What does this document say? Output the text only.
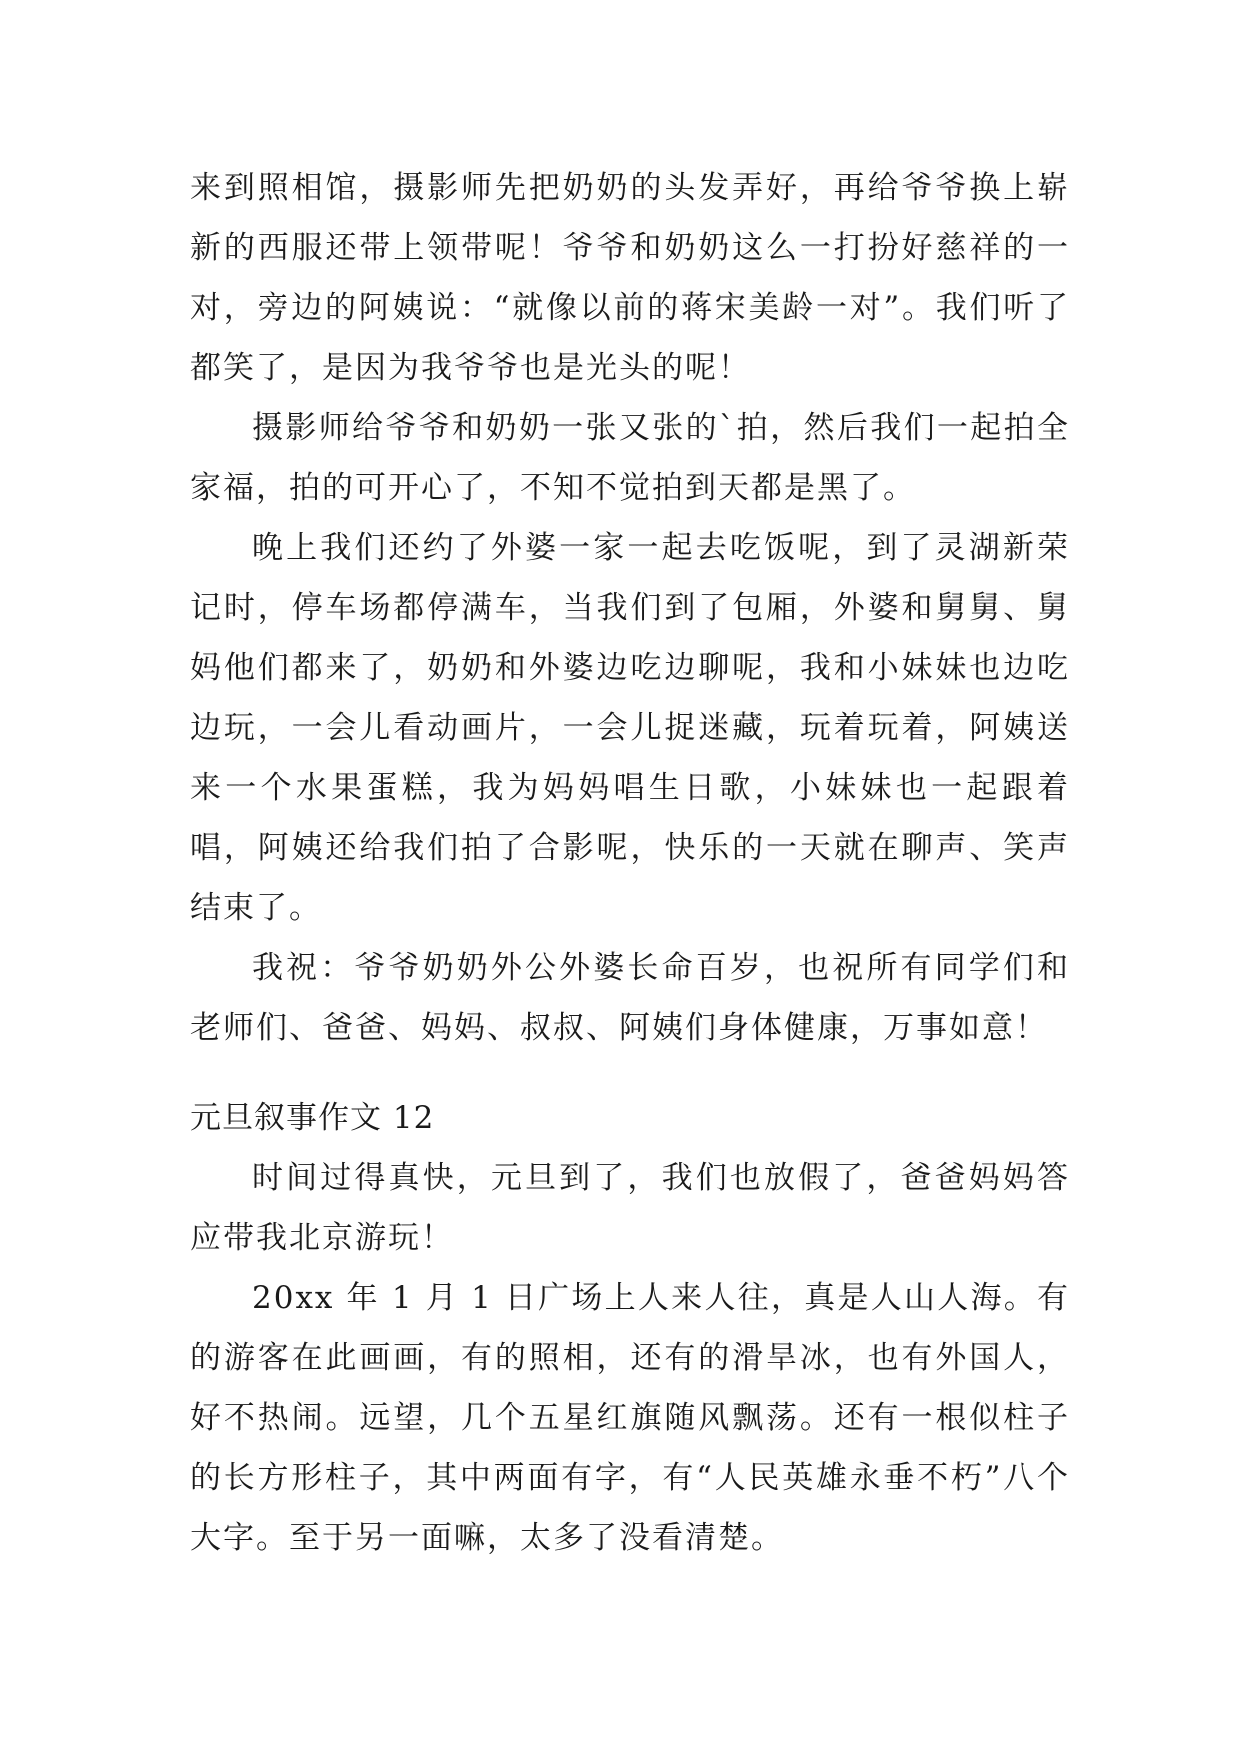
来到照相馆，摄影师先把奶奶的头发弄好，再给爷爷换上崭新的西服还带上领带呢！爷爷和奶奶这么一打扮好慈祥的一对，旁边的阿姨说：“就像以前的蒋宋美龄一对”。我们听了都笑了，是因为我爷爷也是光头的呢！

摄影师给爷爷和奶奶一张又张的`拍，然后我们一起拍全家福，拍的可开心了，不知不觉拍到天都是黑了。

晚上我们还约了外婆一家一起去吃饭呢，到了灵湖新荣记时，停车场都停满车，当我们到了包厢，外婆和舅舅、舅妈他们都来了，奶奶和外婆边吃边聊呢，我和小妹妹也边吃边玩，一会儿看动画片，一会儿捉迷藏，玩着玩着，阿姨送来一个水果蛋糕，我为妈妈唱生日歌，小妹妹也一起跟着唱，阿姨还给我们拍了合影呢，快乐的一天就在聊声、笑声结束了。

我祝：爷爷奶奶外公外婆长命百岁，也祝所有同学们和老师们、爸爸、妈妈、叔叔、阿姨们身体健康，万事如意！

元旦叙事作文 12

时间过得真快，元旦到了，我们也放假了，爸爸妈妈答应带我北京游玩！

20xx 年 1 月 1 日广场上人来人往，真是人山人海。有的游客在此画画，有的照相，还有的滑旱冰，也有外国人，好不热闹。远望，几个五星红旗随风飘荡。还有一根似柱子的长方形柱子，其中两面有字，有“人民英雄永垂不朽”八个大字。至于另一面嘛，太多了没看清楚。
